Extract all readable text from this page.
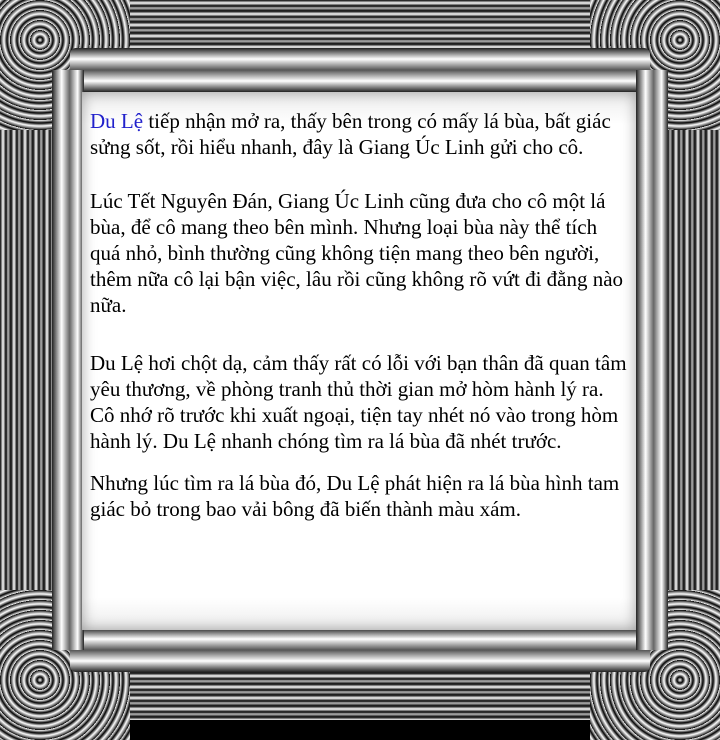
Du Lệ tiếp nhận mở ra, thấy bên trong có mấy lá bùa, bất giác sửng sốt, rồi hiểu nhanh, đây là Giang Úc Linh gửi cho cô.

Lúc Tết Nguyên Đán, Giang Úc Linh cũng đưa cho cô một lá bùa, để cô mang theo bên mình. Nhưng loại bùa này thể tích quá nhỏ, bình thường cũng không tiện mang theo bên người, thêm nữa cô lại bận việc, lâu rồi cũng không rõ vứt đi đằng nào nữa.

Du Lệ hơi chột dạ, cảm thấy rất có lỗi với bạn thân đã quan tâm yêu thương, về phòng tranh thủ thời gian mở hòm hành lý ra. Cô nhớ rõ trước khi xuất ngoại, tiện tay nhét nó vào trong hòm hành lý. Du Lệ nhanh chóng tìm ra lá bùa đã nhét trước.

Nhưng lúc tìm ra lá bùa đó, Du Lệ phát hiện ra lá bùa hình tam giác bỏ trong bao vải bông đã biến thành màu xám.
